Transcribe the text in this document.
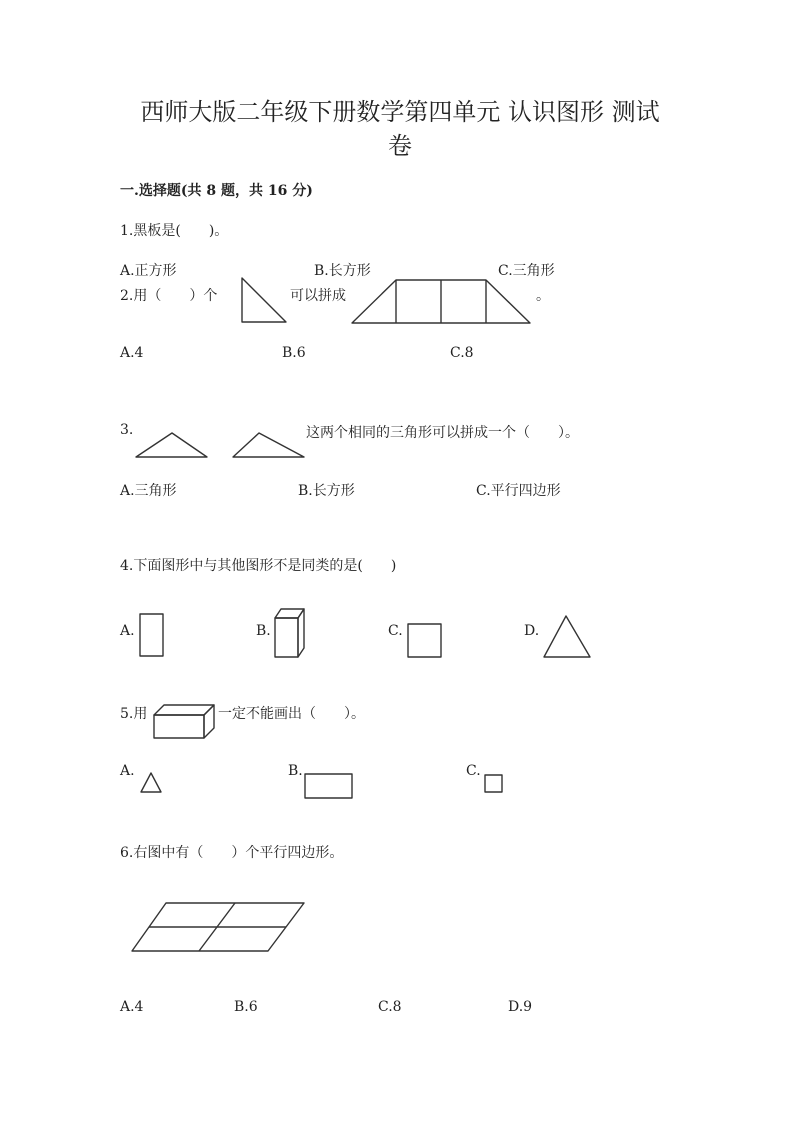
西师大版二年级下册数学第四单元 认识图形 测试
卷
一.选择题(共 8 题，共 16 分)
1.黑板是(　　)。
A.正方形	B.长方形	C.三角形
2.用（　　）个	可以拼成	。
A.4	B.6	C.8
3.	这两个相同的三角形可以拼成一个（　　）。
A.三角形	B.长方形	C.平行四边形
4.下面图形中与其他图形不是同类的是(　　)
A.	B.	C.	D.
5.用	一定不能画出（　　）。
A.	B.	C.
6.右图中有（　　）个平行四边形。
A.4	B.6	C.8	D.9
